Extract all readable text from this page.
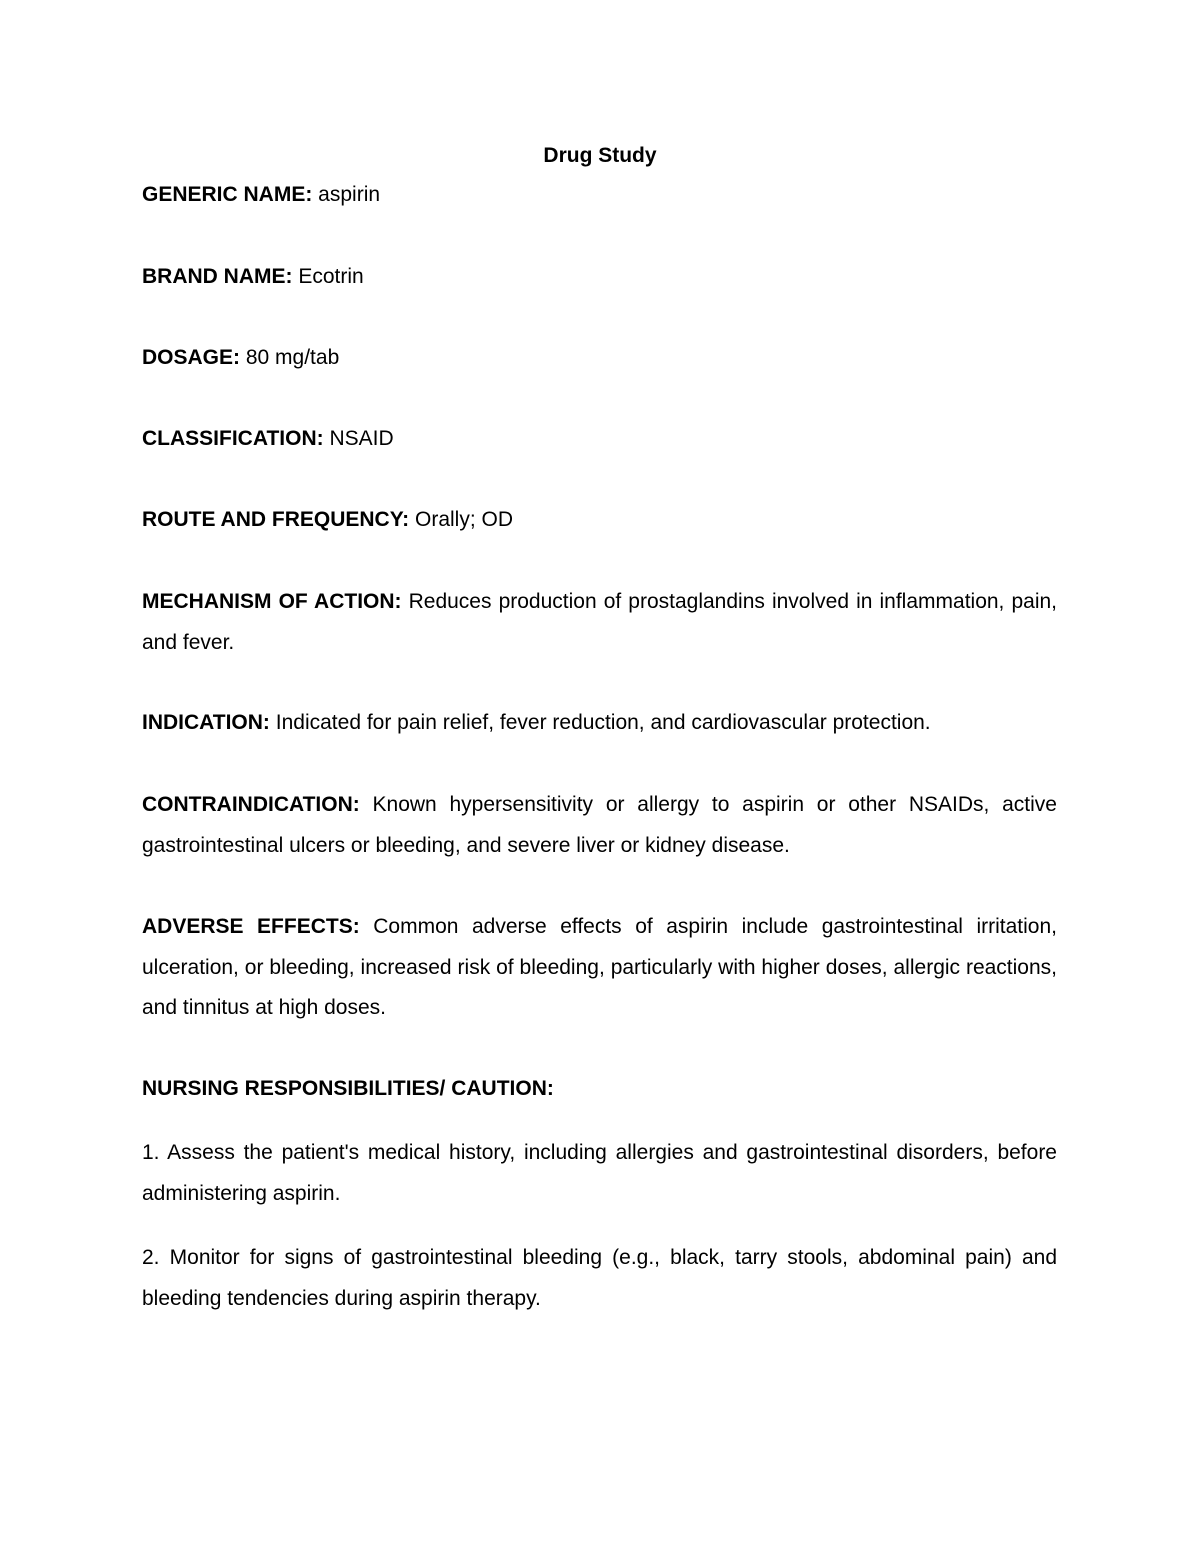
Drug Study

GENERIC NAME: aspirin

BRAND NAME: Ecotrin

DOSAGE: 80 mg/tab

CLASSIFICATION: NSAID

ROUTE AND FREQUENCY: Orally; OD

MECHANISM OF ACTION: Reduces production of prostaglandins involved in inflammation, pain, and fever.

INDICATION: Indicated for pain relief, fever reduction, and cardiovascular protection.

CONTRAINDICATION: Known hypersensitivity or allergy to aspirin or other NSAIDs, active gastrointestinal ulcers or bleeding, and severe liver or kidney disease.

ADVERSE EFFECTS: Common adverse effects of aspirin include gastrointestinal irritation, ulceration, or bleeding, increased risk of bleeding, particularly with higher doses, allergic reactions, and tinnitus at high doses.

NURSING RESPONSIBILITIES/ CAUTION:

1. Assess the patient's medical history, including allergies and gastrointestinal disorders, before administering aspirin.

2. Monitor for signs of gastrointestinal bleeding (e.g., black, tarry stools, abdominal pain) and bleeding tendencies during aspirin therapy.
